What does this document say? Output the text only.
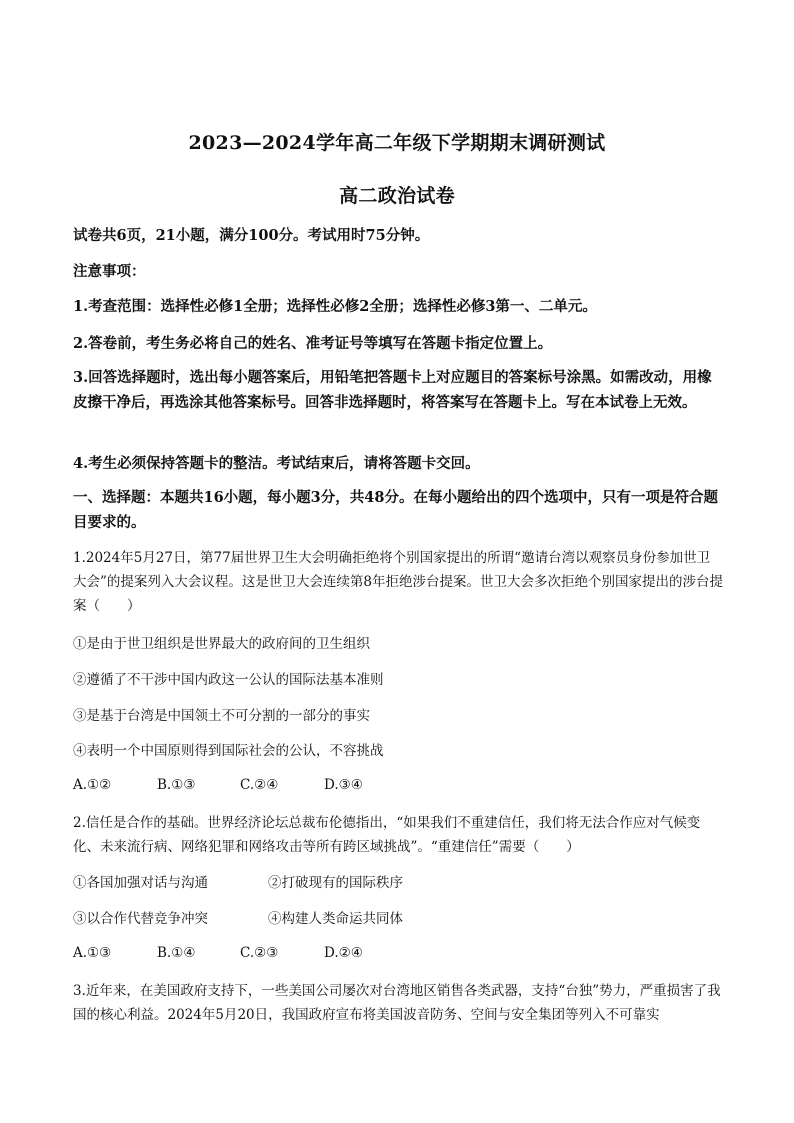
2023—2024学年高二年级下学期期末调研测试
高二政治试卷
试卷共6页，21小题，满分100分。考试用时75分钟。
注意事项：
1.考查范围：选择性必修1全册；选择性必修2全册；选择性必修3第一、二单元。
2.答卷前，考生务必将自己的姓名、准考证号等填写在答题卡指定位置上。
3.回答选择题时，选出每小题答案后，用铅笔把答题卡上对应题目的答案标号涂黑。如需改动，用橡皮擦干净后，再选涂其他答案标号。回答非选择题时，将答案写在答题卡上。写在本试卷上无效。
4.考生必须保持答题卡的整洁。考试结束后，请将答题卡交回。
一、选择题：本题共16小题，每小题3分，共48分。在每小题给出的四个选项中，只有一项是符合题目要求的。
1.2024年5月27日，第77届世界卫生大会明确拒绝将个别国家提出的所谓“邀请台湾以观察员身份参加世卫大会”的提案列入大会议程。这是世卫大会连续第8年拒绝涉台提案。世卫大会多次拒绝个别国家提出的涉台提案（　　）
①是由于世卫组织是世界最大的政府间的卫生组织
②遵循了不干涉中国内政这一公认的国际法基本准则
③是基于台湾是中国领土不可分割的一部分的事实
④表明一个中国原则得到国际社会的公认，不容挑战
A.①②	B.①③	C.②④	D.③④
2.信任是合作的基础。世界经济论坛总裁布伦德指出，“如果我们不重建信任，我们将无法合作应对气候变化、未来流行病、网络犯罪和网络攻击等所有跨区域挑战”。“重建信任”需要（　　）
①各国加强对话与沟通	②打破现有的国际秩序
③以合作代替竞争冲突	④构建人类命运共同体
A.①③	B.①④	C.②③	D.②④
3.近年来，在美国政府支持下，一些美国公司屡次对台湾地区销售各类武器，支持“台独”势力，严重损害了我国的核心利益。2024年5月20日，我国政府宣布将美国波音防务、空间与安全集团等列入不可靠实
